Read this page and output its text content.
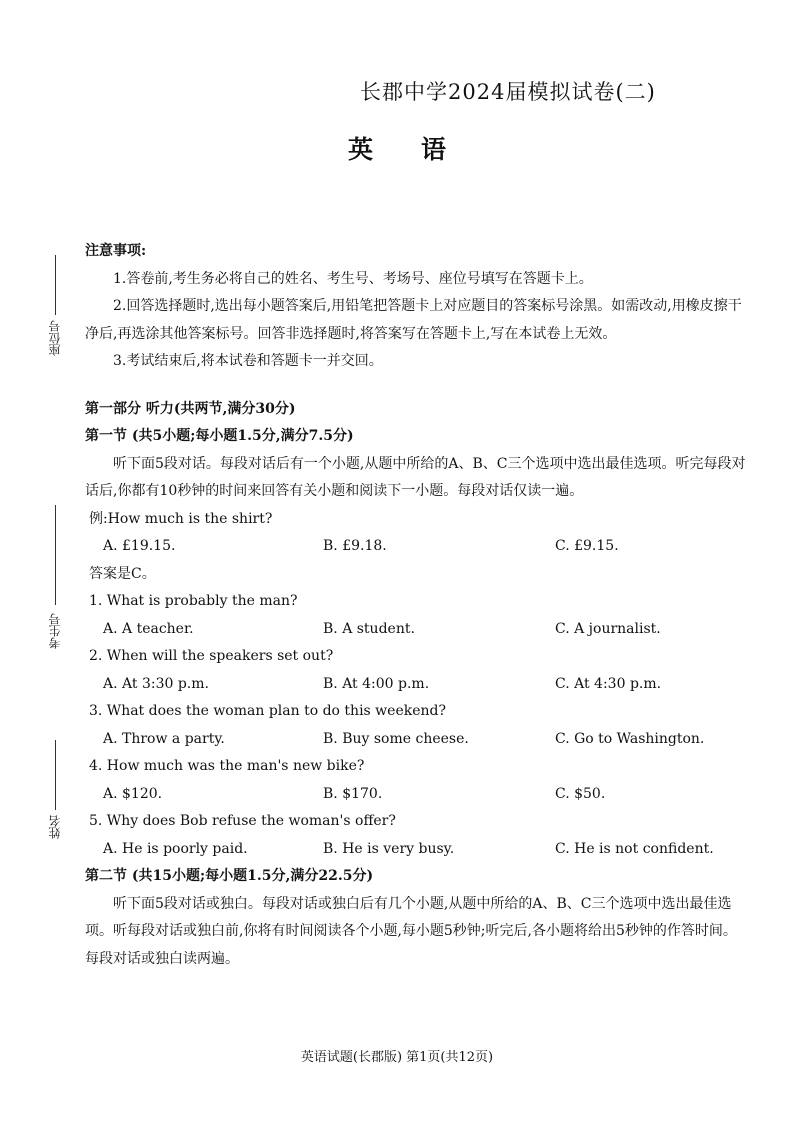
座位号
考生号
姓名
长郡中学2024届模拟试卷(二)
英语

注意事项:

1.答卷前,考生务必将自己的姓名、考生号、考场号、座位号填写在答题卡上。

2.回答选择题时,选出每小题答案后,用铅笔把答题卡上对应题目的答案标号涂黑。如需改动,用橡皮擦干净后,再选涂其他答案标号。回答非选择题时,将答案写在答题卡上,写在本试卷上无效。

3.考试结束后,将本试卷和答题卡一并交回。

第一部分 听力(共两节,满分30分)

第一节 (共5小题;每小题1.5分,满分7.5分)

听下面5段对话。每段对话后有一个小题,从题中所给的A、B、C三个选项中选出最佳选项。听完每段对话后,你都有10秒钟的时间来回答有关小题和阅读下一小题。每段对话仅读一遍。

例:How much is the shirt?

A. £19.15.	B. £9.18.	C. £9.15.

答案是C。

1. What is probably the man?

A. A teacher.	B. A student.	C. A journalist.

2. When will the speakers set out?

A. At 3:30 p.m.	B. At 4:00 p.m.	C. At 4:30 p.m.

3. What does the woman plan to do this weekend?

A. Throw a party.	B. Buy some cheese.	C. Go to Washington.

4. How much was the man's new bike?

A. $120.	B. $170.	C. $50.

5. Why does Bob refuse the woman's offer?

A. He is poorly paid.	B. He is very busy.	C. He is not confident.

第二节 (共15小题;每小题1.5分,满分22.5分)

听下面5段对话或独白。每段对话或独白后有几个小题,从题中所给的A、B、C三个选项中选出最佳选项。听每段对话或独白前,你将有时间阅读各个小题,每小题5秒钟;听完后,各小题将给出5秒钟的作答时间。每段对话或独白读两遍。

英语试题(长郡版) 第1页(共12页)
